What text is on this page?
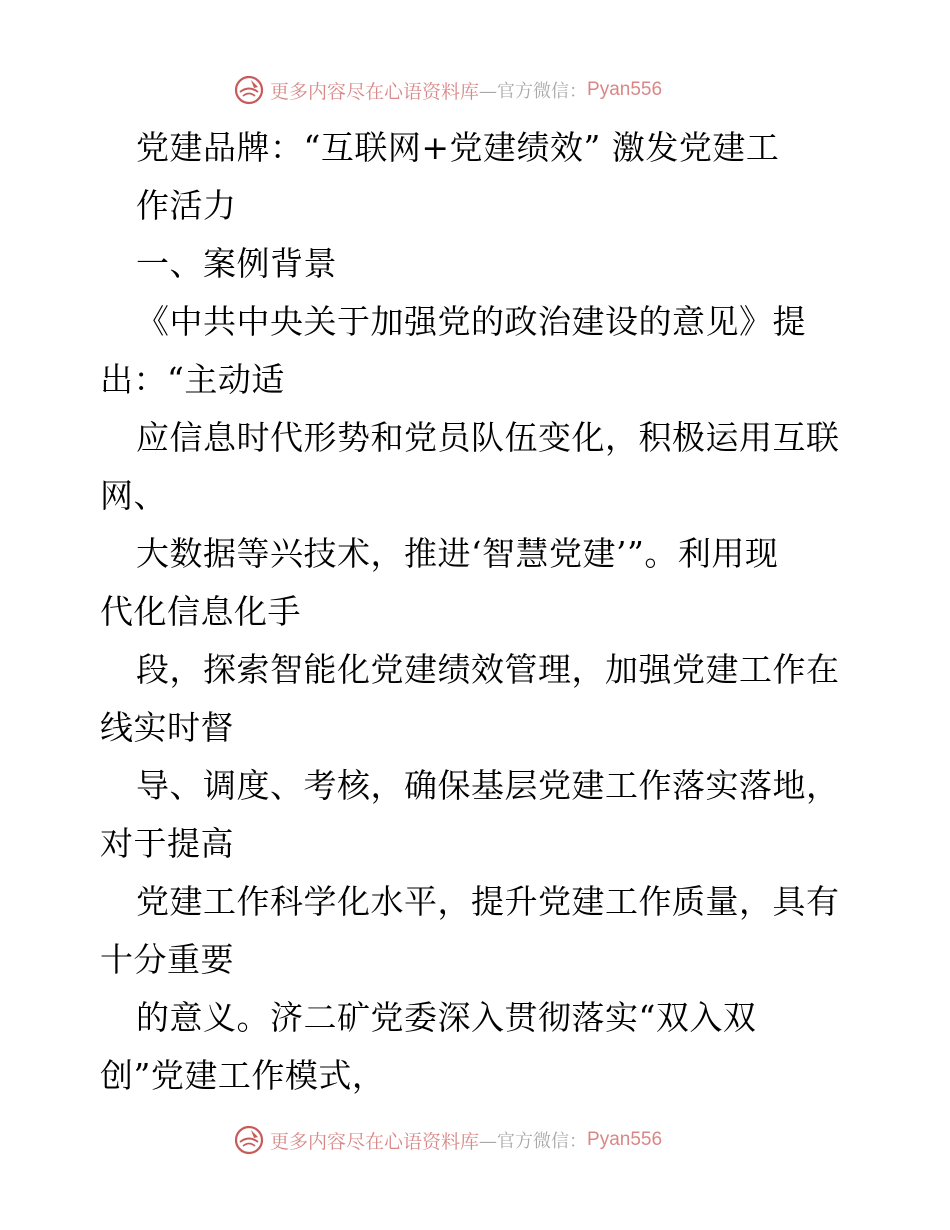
更多内容尽在心语资料库 —官方微信： Pyan556
党建品牌：“互联网+党建绩效” 激发党建工
作活力
一、案例背景
《中共中央关于加强党的政治建设的意见》提
出：“主动适
应信息时代形势和党员队伍变化，积极运用互联
网、
大数据等兴技术，推进‘智慧党建’”。利用现
代化信息化手
段，探索智能化党建绩效管理，加强党建工作在
线实时督
导、调度、考核，确保基层党建工作落实落地，
对于提高
党建工作科学化水平，提升党建工作质量，具有
十分重要
的意义。济二矿党委深入贯彻落实“双入双
创”党建工作模式，
更多内容尽在心语资料库 —官方微信： Pyan556
